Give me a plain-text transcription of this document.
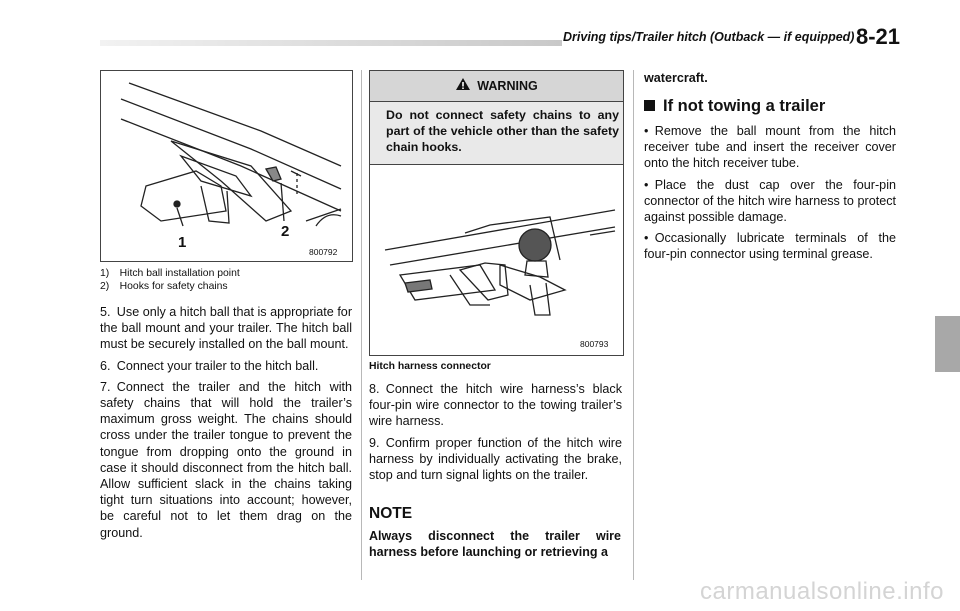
Driving tips/Trailer hitch (Outback — if equipped) 8-21
1
2
800792
1) Hitch ball installation point
2) Hooks for safety chains

5. Use only a hitch ball that is appropriate for the ball mount and your trailer. The hitch ball must be securely installed on the ball mount.

6. Connect your trailer to the hitch ball.

7. Connect the trailer and the hitch with safety chains that will hold the trailer’s maximum gross weight. The chains should cross under the trailer tongue to prevent the tongue from dropping onto the ground in case it should disconnect from the hitch ball. Allow sufficient slack in the chains taking tight turn situations into account; however, be careful not to let them drag on the ground.

WARNING
Do not connect safety chains to any part of the vehicle other than the safety chain hooks.
800793
Hitch harness connector

8. Connect the hitch wire harness’s black four-pin wire connector to the towing trailer’s wire harness.

9. Confirm proper function of the hitch wire harness by individually activating the brake, stop and turn signal lights on the trailer.

NOTE
Always disconnect the trailer wire harness before launching or retrieving a
watercraft.
If not towing a trailer

• Remove the ball mount from the hitch receiver tube and insert the receiver cover onto the hitch receiver tube.

• Place the dust cap over the four-pin connector of the hitch wire harness to protect against possible damage.

• Occasionally lubricate terminals of the four-pin connector using terminal grease.

carmanualsonline.info
